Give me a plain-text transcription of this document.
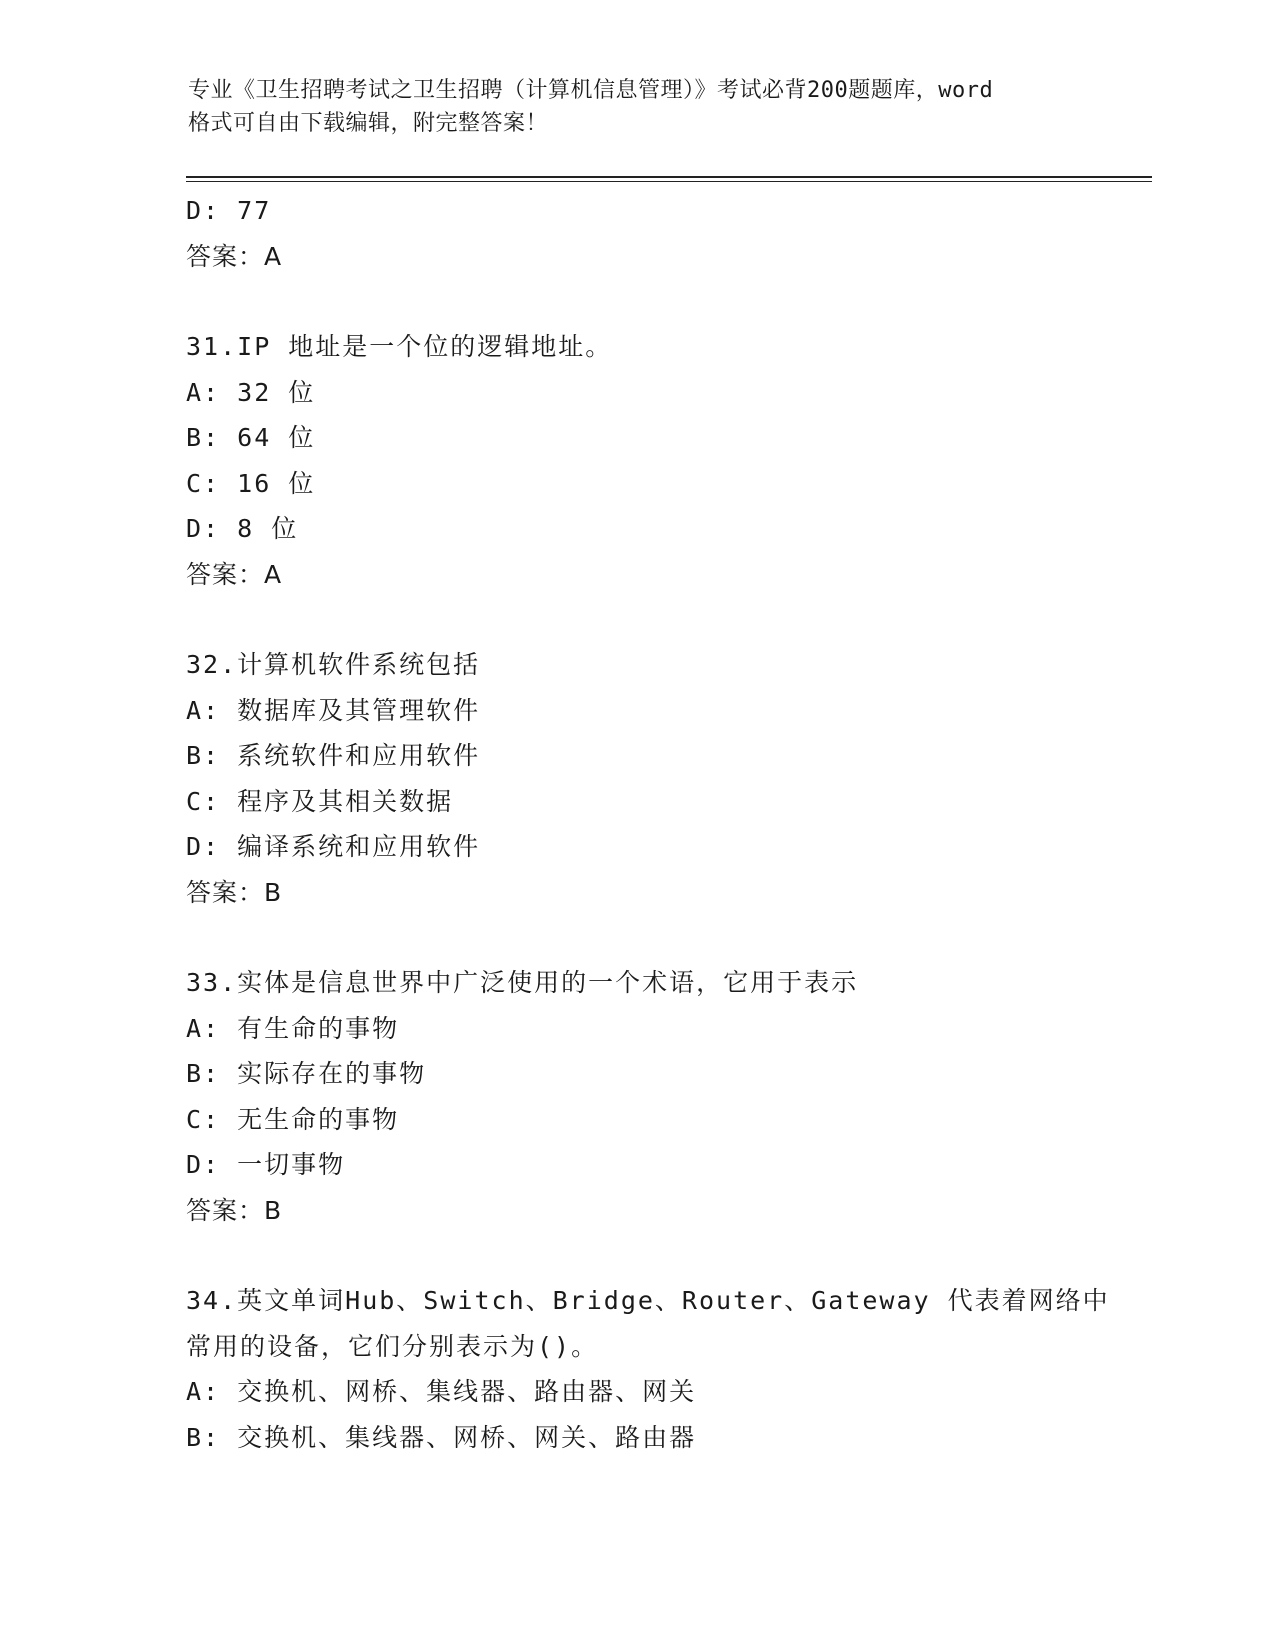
专业《卫生招聘考试之卫生招聘（计算机信息管理）》考试必背200题题库，word
格式可自由下载编辑，附完整答案！
D: 77
答案：A
31.IP 地址是一个位的逻辑地址。
A: 32 位
B: 64 位
C: 16 位
D: 8 位
答案：A
32.计算机软件系统包括
A: 数据库及其管理软件
B: 系统软件和应用软件
C: 程序及其相关数据
D: 编译系统和应用软件
答案：B
33.实体是信息世界中广泛使用的一个术语，它用于表示
A: 有生命的事物
B: 实际存在的事物
C: 无生命的事物
D: 一切事物
答案：B
34.英文单词Hub、Switch、Bridge、Router、Gateway 代表着网络中
常用的设备，它们分别表示为()。
A: 交换机、网桥、集线器、路由器、网关
B: 交换机、集线器、网桥、网关、路由器
